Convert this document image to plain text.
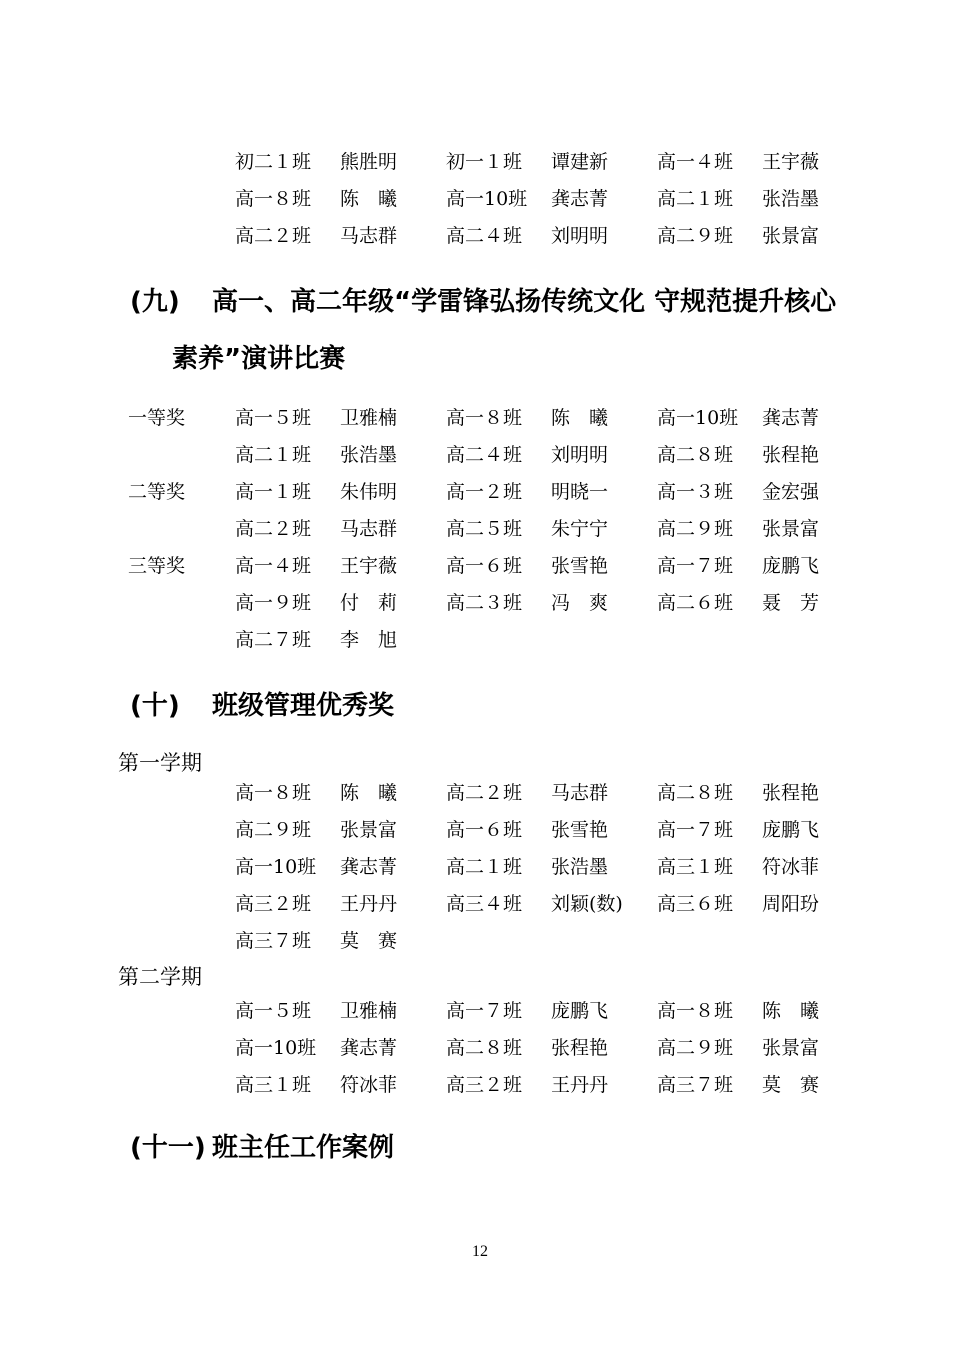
初二１班 熊胜明	初一１班 谭建新	高一４班 王宇薇
高一８班 陈　曦	高一10班 龚志菁	高二１班 张浩墨
高二２班 马志群	高二４班 刘明明	高二９班 张景富
(九) 高一、高二年级“学雷锋弘扬传统文化 守规范提升核心
素养”演讲比赛
一等奖	高一５班 卫雅楠	高一８班 陈　曦	高一10班 龚志菁
高二１班 张浩墨	高二４班 刘明明	高二８班 张程艳
二等奖	高一１班 朱伟明	高一２班 明晓一	高一３班 金宏强
高二２班 马志群	高二５班 朱宁宁	高二９班 张景富
三等奖	高一４班 王宇薇	高一６班 张雪艳	高一７班 庞鹏飞
高一９班 付　莉	高二３班 冯　爽	高二６班 聂　芳
高二７班 李　旭
(十) 班级管理优秀奖
第一学期
高一８班 陈　曦	高二２班 马志群	高二８班 张程艳
高二９班 张景富	高一６班 张雪艳	高一７班 庞鹏飞
高一10班 龚志菁	高二１班 张浩墨	高三１班 符冰菲
高三２班 王丹丹	高三４班 刘颖(数) 高三６班 周阳玢
高三７班 莫　赛
第二学期
高一５班 卫雅楠	高一７班 庞鹏飞	高一８班 陈　曦
高一10班 龚志菁	高二８班 张程艳	高二９班 张景富
高三１班 符冰菲	高三２班 王丹丹	高三７班 莫　赛
(十一) 班主任工作案例
12
